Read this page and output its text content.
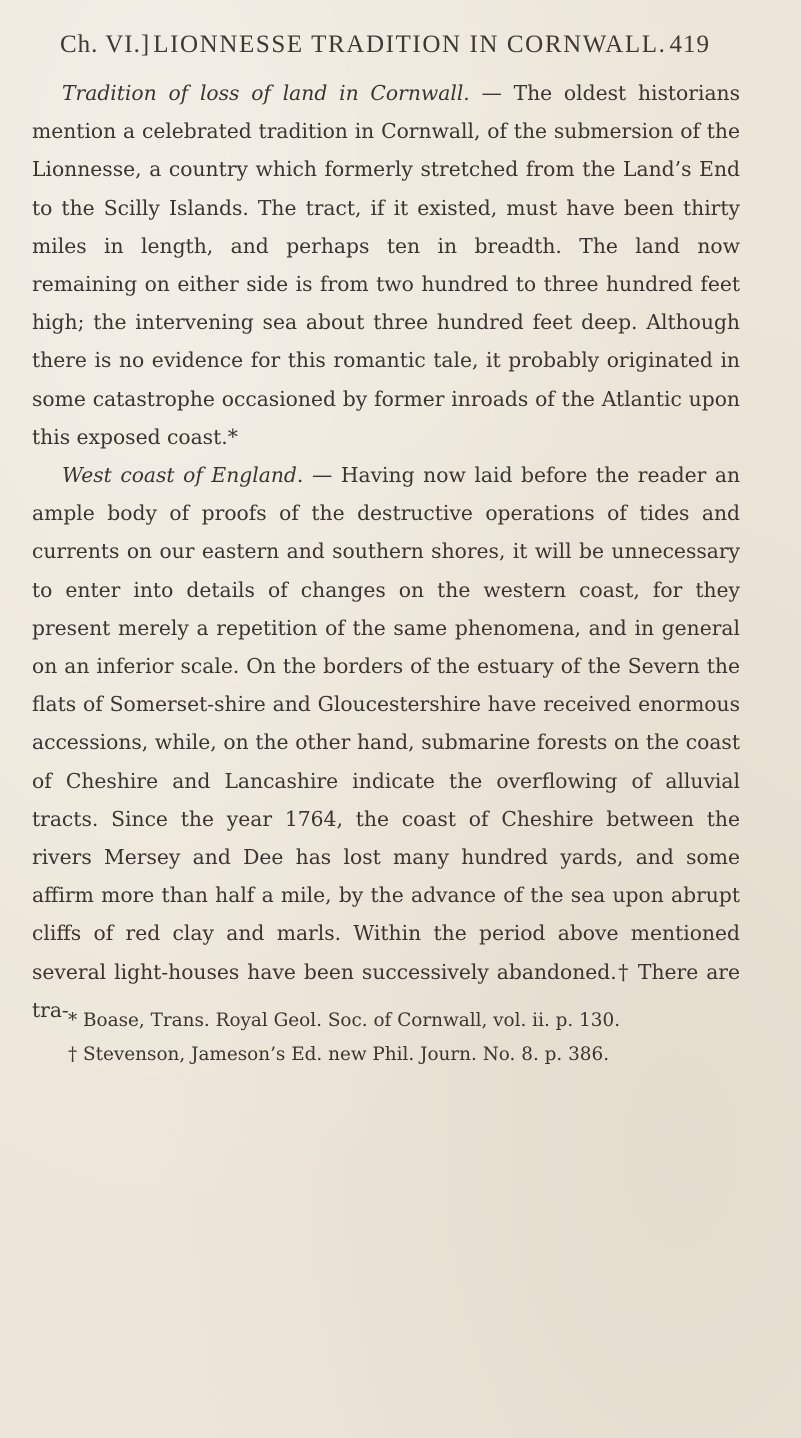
Ch. VI.] LIONNESSE TRADITION IN CORNWALL. 419

Tradition of loss of land in Cornwall. — The oldest historians mention a celebrated tradition in Cornwall, of the submersion of the Lionnesse, a country which formerly stretched from the Land’s End to the Scilly Islands. The tract, if it existed, must have been thirty miles in length, and perhaps ten in breadth. The land now remaining on either side is from two hundred to three hundred feet high; the intervening sea about three hundred feet deep. Although there is no evidence for this romantic tale, it probably originated in some catastrophe occasioned by former inroads of the Atlantic upon this exposed coast.*

West coast of England. — Having now laid before the reader an ample body of proofs of the destructive operations of tides and currents on our eastern and southern shores, it will be unnecessary to enter into details of changes on the western coast, for they present merely a repetition of the same phenomena, and in general on an inferior scale. On the borders of the estuary of the Severn the flats of Somerset-shire and Gloucestershire have received enormous accessions, while, on the other hand, submarine forests on the coast of Cheshire and Lancashire indicate the overflowing of alluvial tracts. Since the year 1764, the coast of Cheshire between the rivers Mersey and Dee has lost many hundred yards, and some affirm more than half a mile, by the advance of the sea upon abrupt cliffs of red clay and marls. Within the period above mentioned several light-houses have been successively abandoned.† There are tra- * Boase, Trans. Royal Geol. Soc. of Cornwall, vol. ii. p. 130.

† Stevenson, Jameson’s Ed. new Phil. Journ. No. 8. p. 386.
